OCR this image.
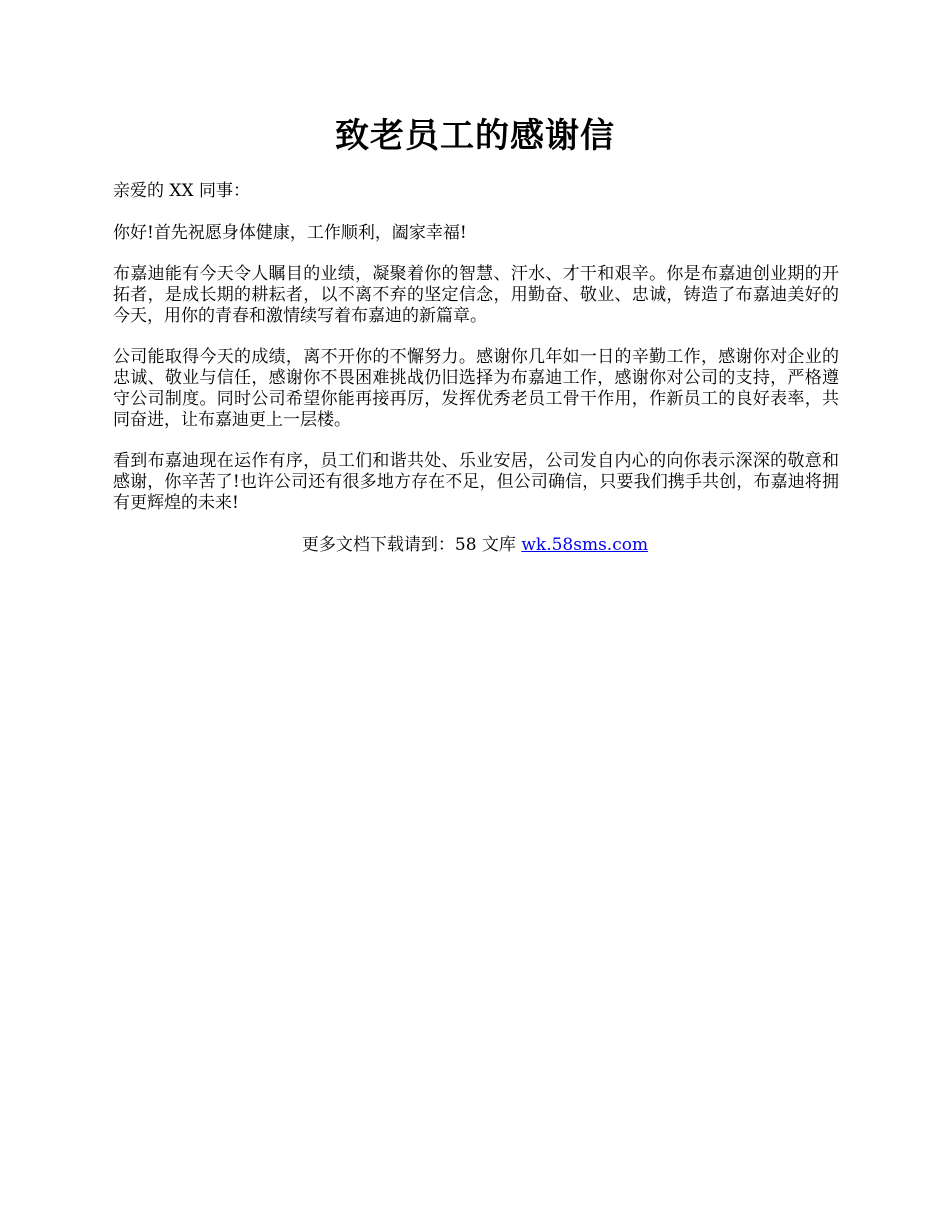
致老员工的感谢信

亲爱的 XX 同事：

你好!首先祝愿身体健康，工作顺利，阖家幸福!

布嘉迪能有今天令人瞩目的业绩，凝聚着你的智慧、汗水、才干和艰辛。你是布嘉迪创业期的开拓者，是成长期的耕耘者，以不离不弃的坚定信念，用勤奋、敬业、忠诚，铸造了布嘉迪美好的今天，用你的青春和激情续写着布嘉迪的新篇章。

公司能取得今天的成绩，离不开你的不懈努力。感谢你几年如一日的辛勤工作，感谢你对企业的忠诚、敬业与信任，感谢你不畏困难挑战仍旧选择为布嘉迪工作，感谢你对公司的支持，严格遵守公司制度。同时公司希望你能再接再厉，发挥优秀老员工骨干作用，作新员工的良好表率，共同奋进，让布嘉迪更上一层楼。

看到布嘉迪现在运作有序，员工们和谐共处、乐业安居，公司发自内心的向你表示深深的敬意和感谢，你辛苦了!也许公司还有很多地方存在不足，但公司确信，只要我们携手共创，布嘉迪将拥有更辉煌的未来!

更多文档下载请到：58 文库 wk.58sms.com
